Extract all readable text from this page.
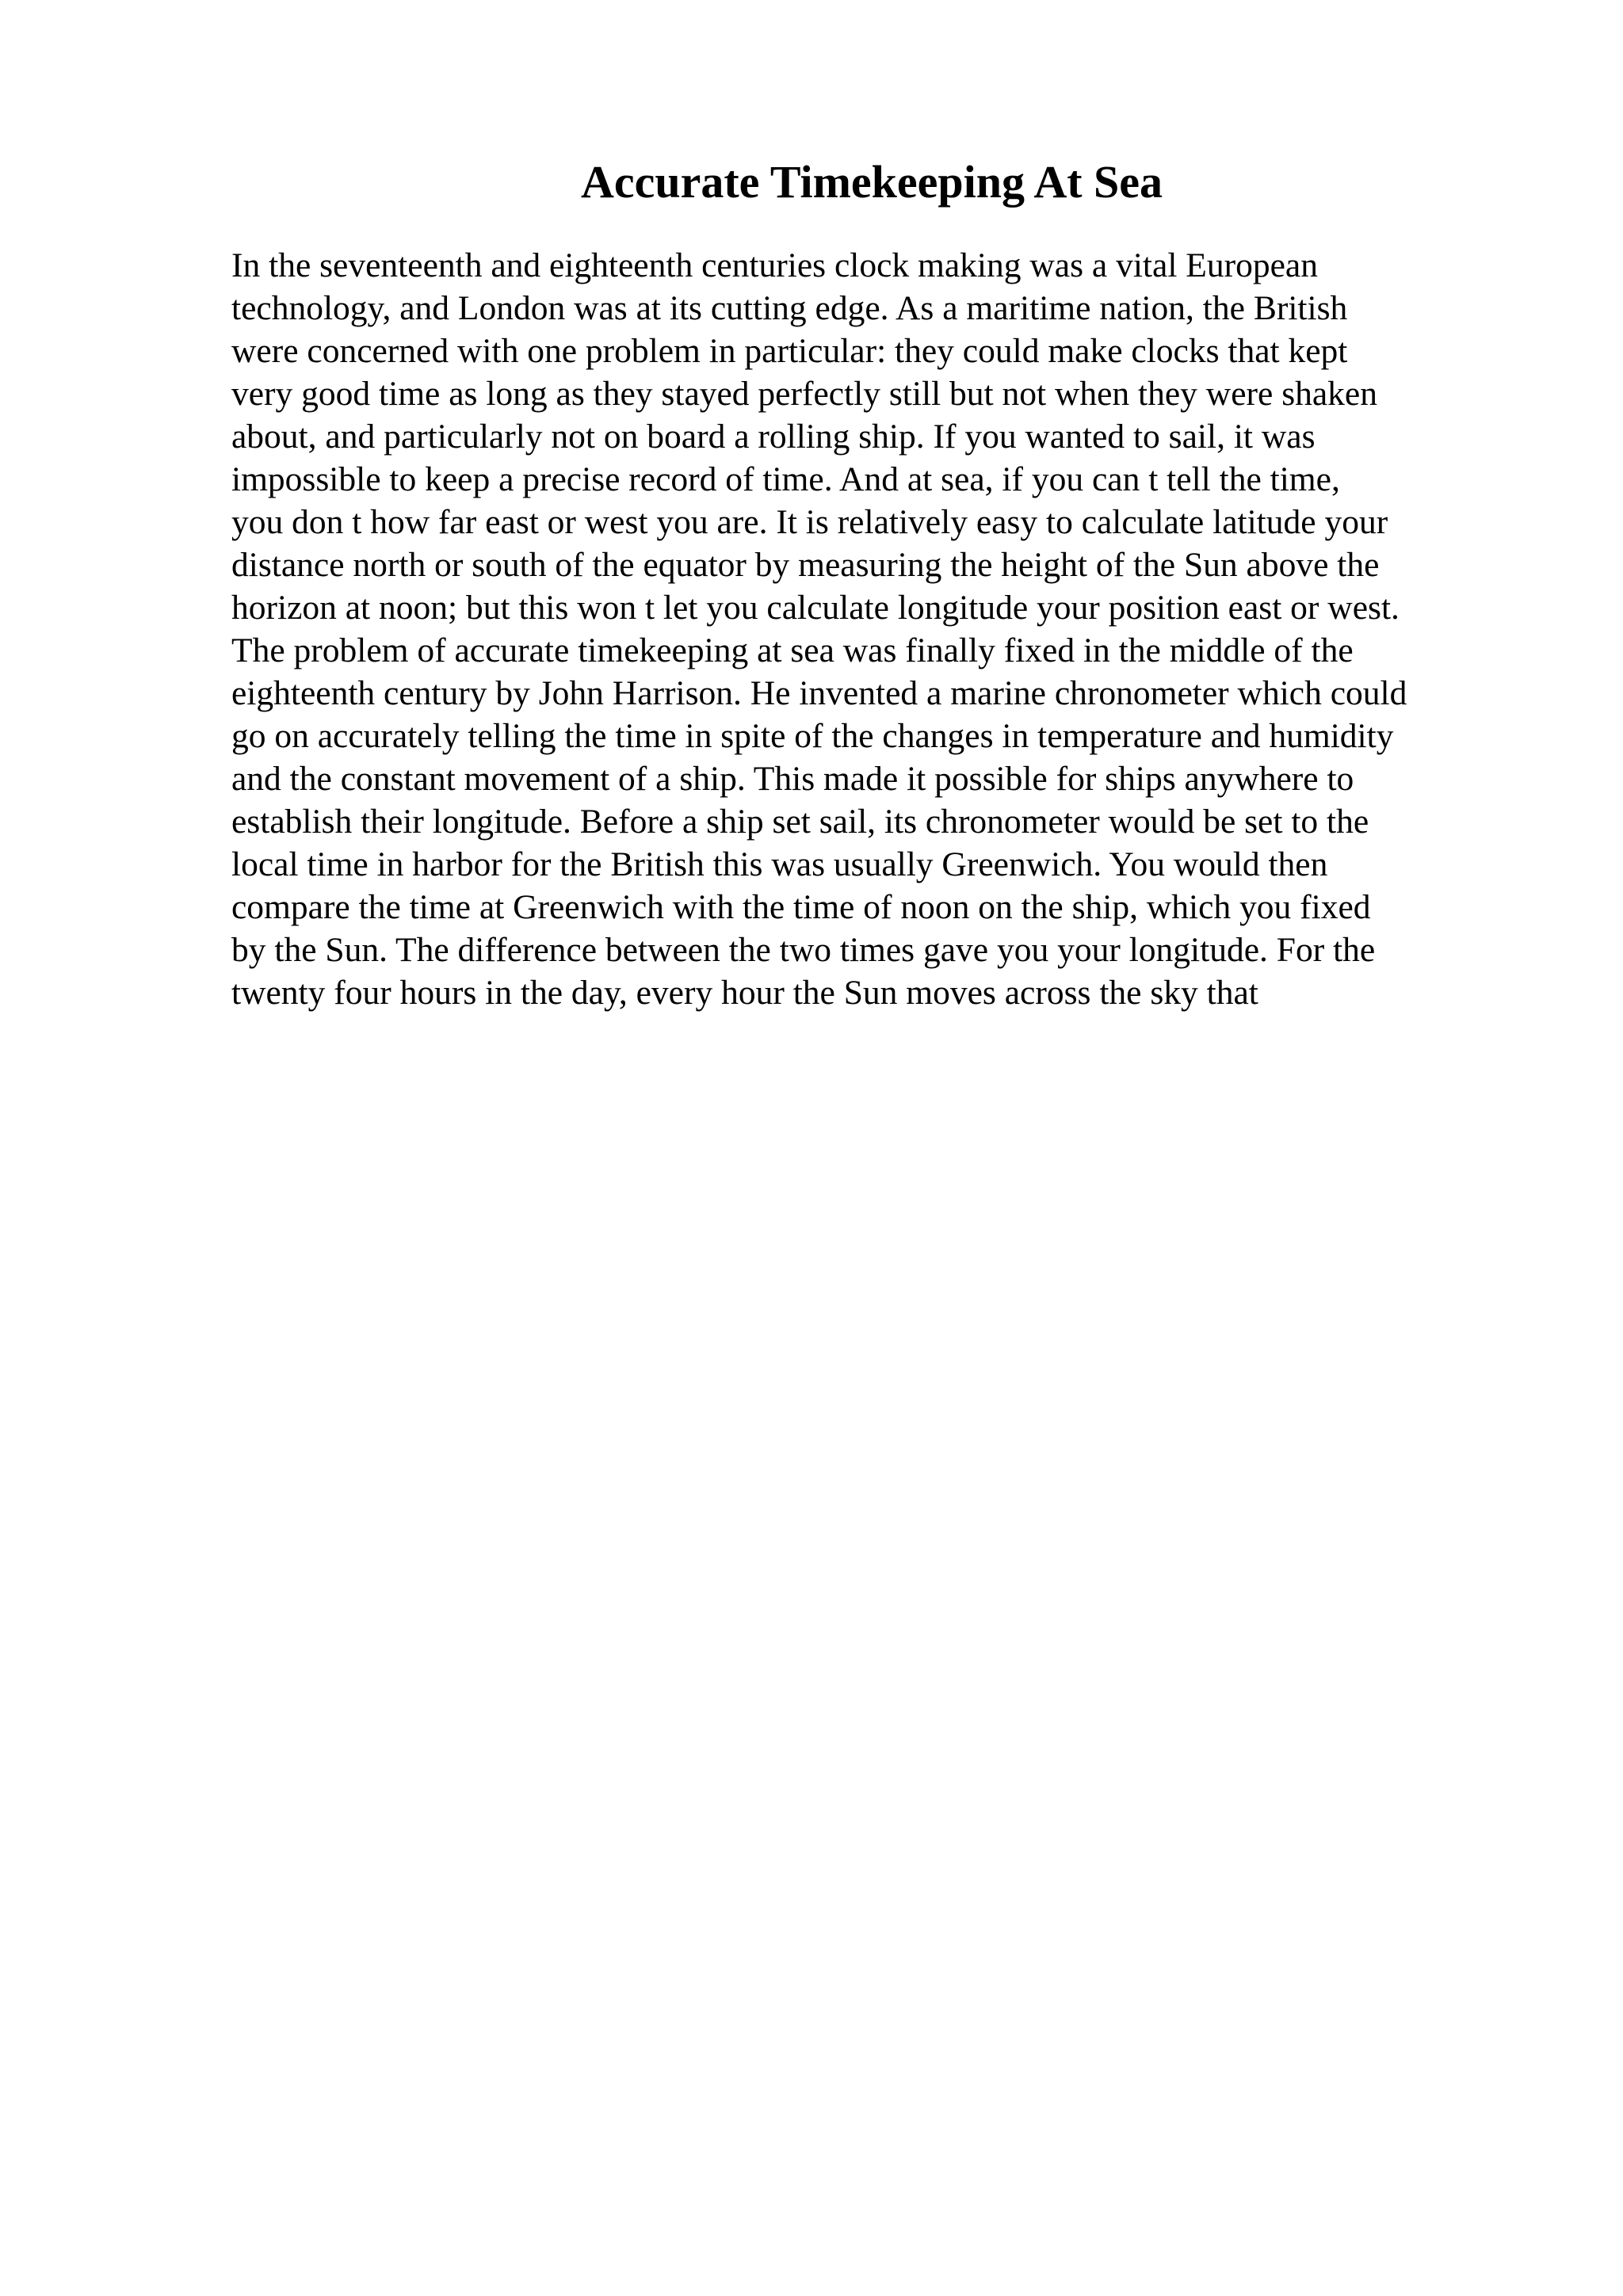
Accurate Timekeeping At Sea
In the seventeenth and eighteenth centuries clock making was a vital European
technology, and London was at its cutting edge. As a maritime nation, the British
were concerned with one problem in particular: they could make clocks that kept
very good time as long as they stayed perfectly still but not when they were shaken
about, and particularly not on board a rolling ship. If you wanted to sail, it was
impossible to keep a precise record of time. And at sea, if you can t tell the time,
you don t how far east or west you are. It is relatively easy to calculate latitude your
distance north or south of the equator by measuring the height of the Sun above the
horizon at noon; but this won t let you calculate longitude your position east or west.
The problem of accurate timekeeping at sea was finally fixed in the middle of the
eighteenth century by John Harrison. He invented a marine chronometer which could
go on accurately telling the time in spite of the changes in temperature and humidity
and the constant movement of a ship. This made it possible for ships anywhere to
establish their longitude. Before a ship set sail, its chronometer would be set to the
local time in harbor for the British this was usually Greenwich. You would then
compare the time at Greenwich with the time of noon on the ship, which you fixed
by the Sun. The difference between the two times gave you your longitude. For the
twenty four hours in the day, every hour the Sun moves across the sky that
